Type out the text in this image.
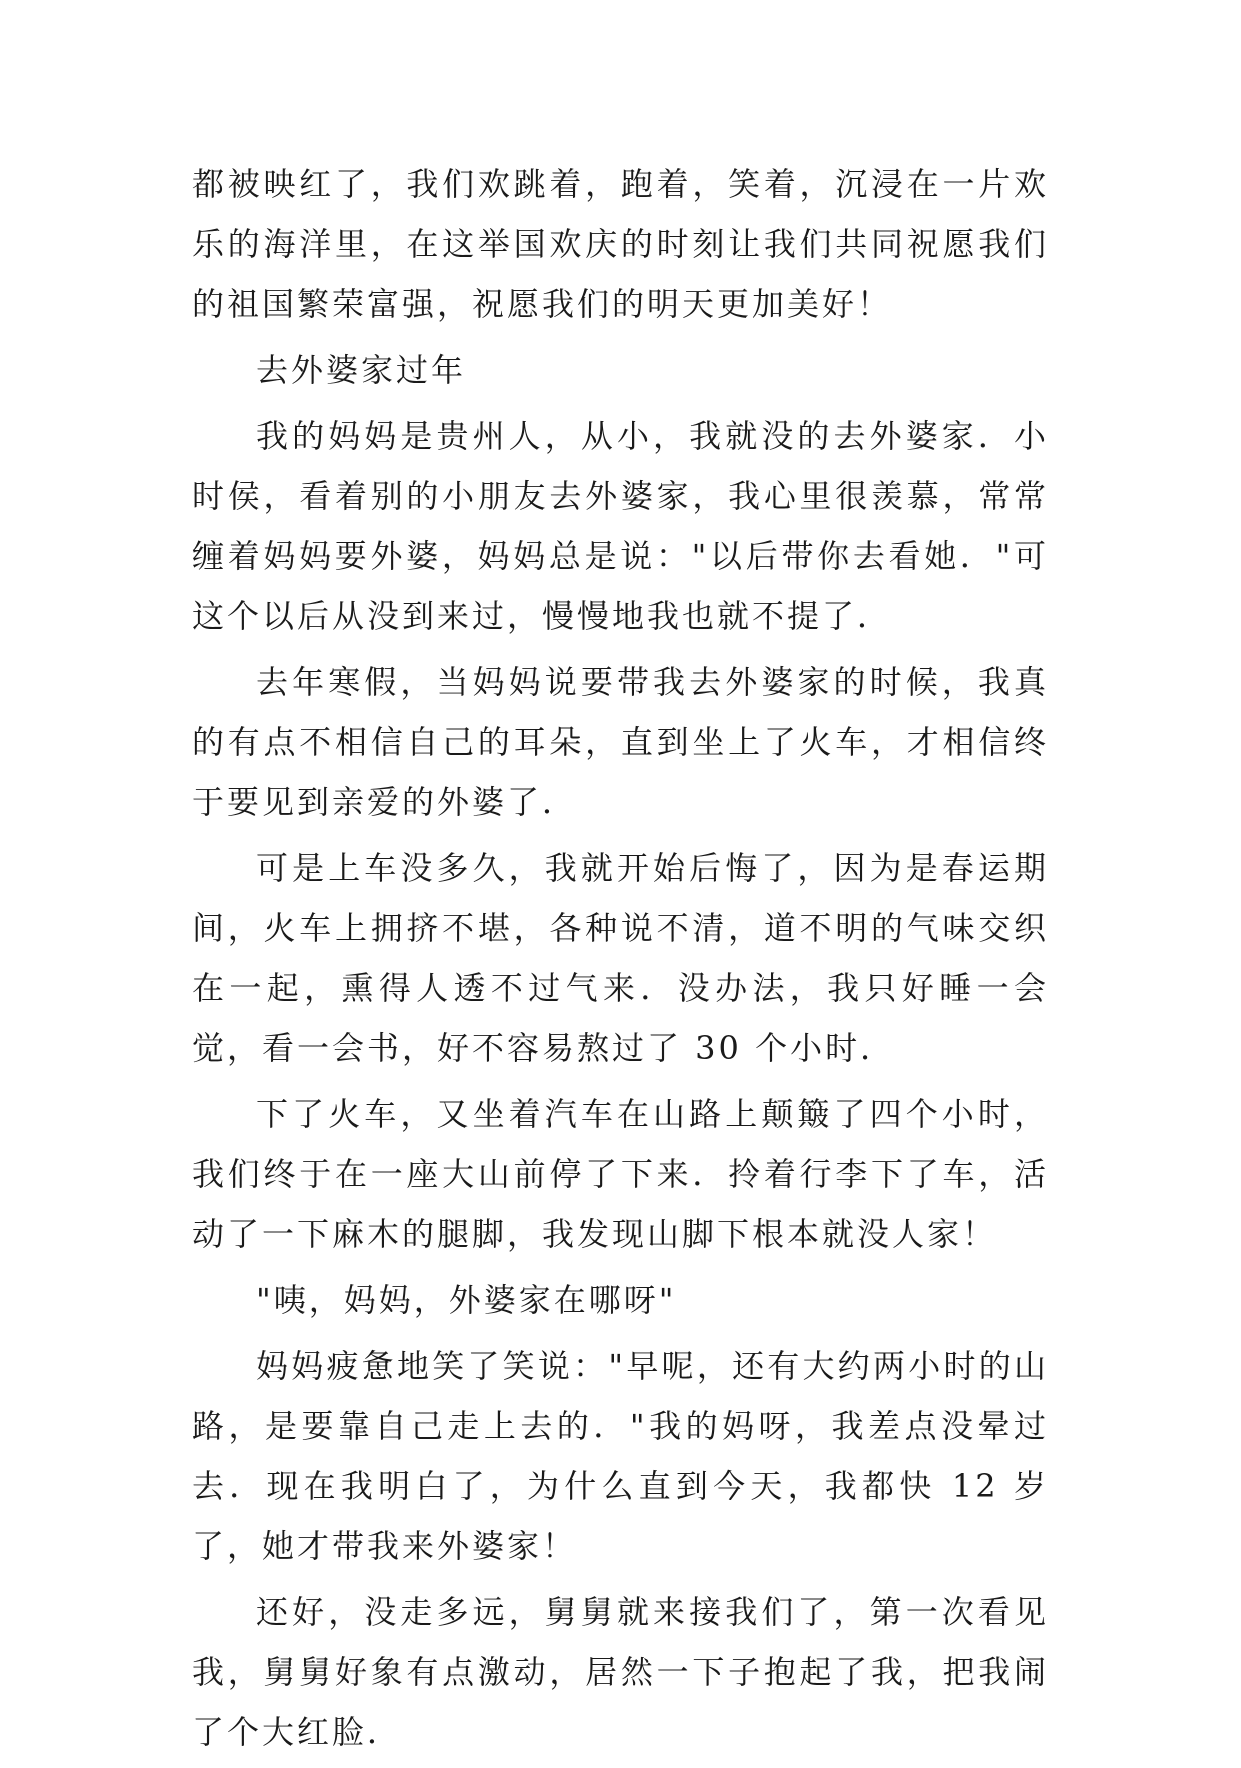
都被映红了，我们欢跳着，跑着，笑着，沉浸在一片欢乐的海洋里，在这举国欢庆的时刻让我们共同祝愿我们的祖国繁荣富强，祝愿我们的明天更加美好！

去外婆家过年

我的妈妈是贵州人，从小，我就没的去外婆家．小时侯，看着别的小朋友去外婆家，我心里很羡慕，常常缠着妈妈要外婆，妈妈总是说："以后带你去看她．"可这个以后从没到来过，慢慢地我也就不提了．

去年寒假，当妈妈说要带我去外婆家的时候，我真的有点不相信自己的耳朵，直到坐上了火车，才相信终于要见到亲爱的外婆了．

可是上车没多久，我就开始后悔了，因为是春运期间，火车上拥挤不堪，各种说不清，道不明的气味交织在一起，熏得人透不过气来．没办法，我只好睡一会觉，看一会书，好不容易熬过了 30 个小时．

下了火车，又坐着汽车在山路上颠簸了四个小时，我们终于在一座大山前停了下来．拎着行李下了车，活动了一下麻木的腿脚，我发现山脚下根本就没人家！

"咦，妈妈，外婆家在哪呀"

妈妈疲惫地笑了笑说："早呢，还有大约两小时的山路，是要靠自己走上去的．"我的妈呀，我差点没晕过去．现在我明白了，为什么直到今天，我都快 12 岁了，她才带我来外婆家！

还好，没走多远，舅舅就来接我们了，第一次看见我，舅舅好象有点激动，居然一下子抱起了我，把我闹了个大红脸．
